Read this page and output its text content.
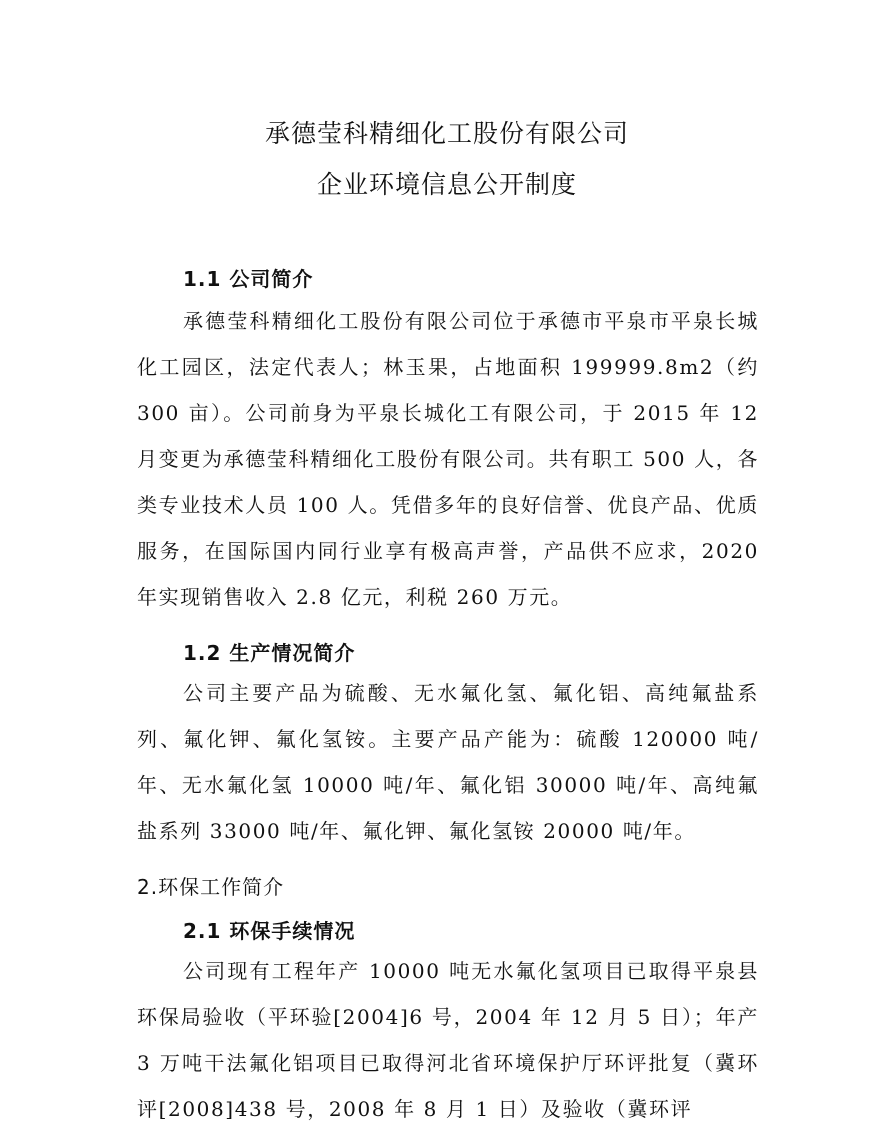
承德莹科精细化工股份有限公司
企业环境信息公开制度
1.1 公司简介

承德莹科精细化工股份有限公司位于承德市平泉市平泉长城化工园区，法定代表人；林玉果，占地面积 199999.8m2（约 300 亩）。公司前身为平泉长城化工有限公司，于 2015 年 12 月变更为承德莹科精细化工股份有限公司。共有职工 500 人，各类专业技术人员 100 人。凭借多年的良好信誉、优良产品、优质服务，在国际国内同行业享有极高声誉，产品供不应求，2020 年实现销售收入 2.8 亿元，利税 260 万元。

1.2 生产情况简介

公司主要产品为硫酸、无水氟化氢、氟化铝、高纯氟盐系列、氟化钾、氟化氢铵。主要产品产能为：硫酸 120000 吨/年、无水氟化氢 10000 吨/年、氟化铝 30000 吨/年、高纯氟盐系列 33000 吨/年、氟化钾、氟化氢铵 20000 吨/年。

2.环保工作简介
2.1 环保手续情况

公司现有工程年产 10000 吨无水氟化氢项目已取得平泉县环保局验收（平环验[2004]6 号，2004 年 12 月 5 日）；年产 3 万吨干法氟化铝项目已取得河北省环境保护厅环评批复（冀环评[2008]438 号，2008 年 8 月 1 日）及验收（冀环评
